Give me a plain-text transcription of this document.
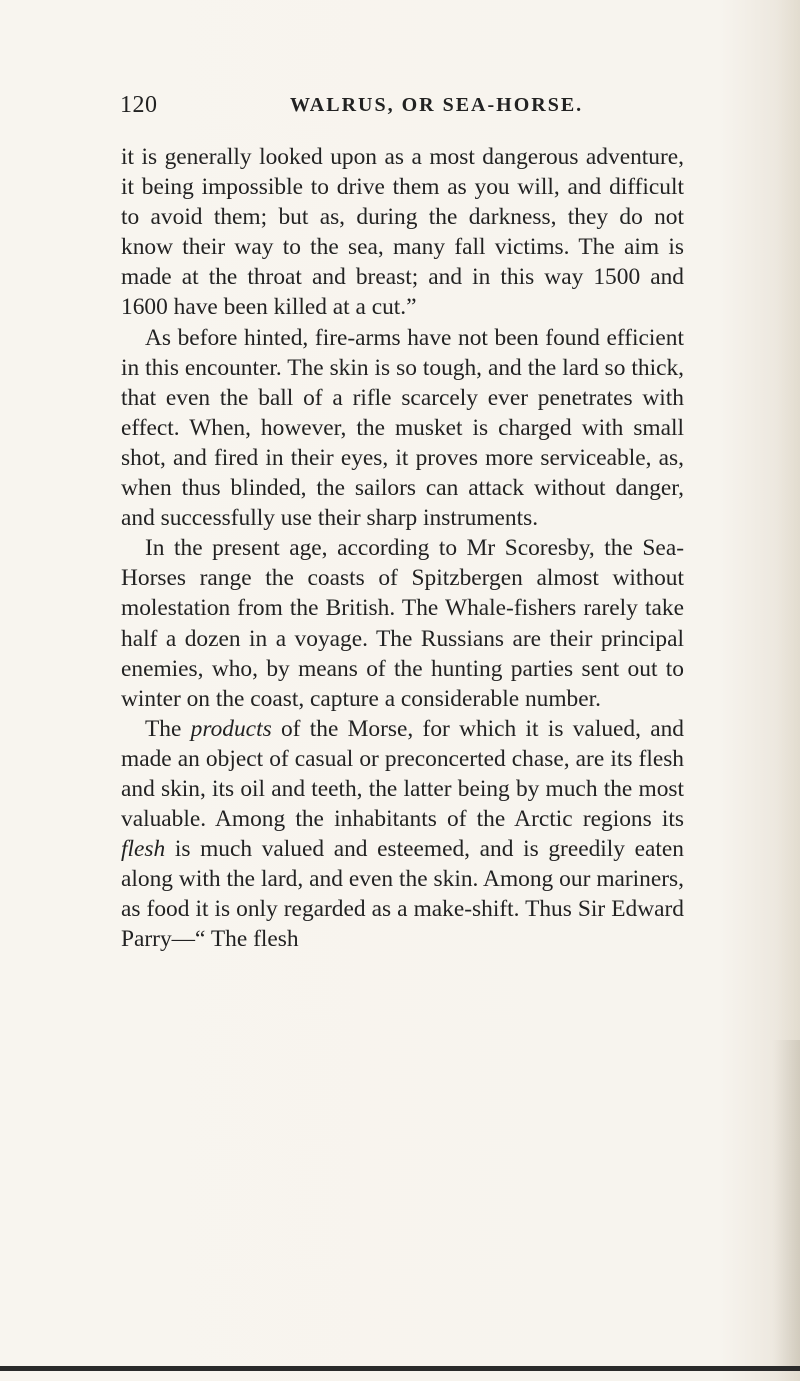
120	WALRUS, OR SEA-HORSE.

it is generally looked upon as a most dangerous adventure, it being impossible to drive them as you will, and difficult to avoid them; but as, during the darkness, they do not know their way to the sea, many fall victims. The aim is made at the throat and breast; and in this way 1500 and 1600 have been killed at a cut.”

As before hinted, fire-arms have not been found efficient in this encounter. The skin is so tough, and the lard so thick, that even the ball of a rifle scarcely ever penetrates with effect. When, however, the musket is charged with small shot, and fired in their eyes, it proves more serviceable, as, when thus blinded, the sailors can attack without danger, and successfully use their sharp instruments.

In the present age, according to Mr Scoresby, the Sea-Horses range the coasts of Spitzbergen almost without molestation from the British. The Whale-fishers rarely take half a dozen in a voyage. The Russians are their principal enemies, who, by means of the hunting parties sent out to winter on the coast, capture a considerable number.

The products of the Morse, for which it is valued, and made an object of casual or preconcerted chase, are its flesh and skin, its oil and teeth, the latter being by much the most valuable. Among the inhabitants of the Arctic regions its flesh is much valued and esteemed, and is greedily eaten along with the lard, and even the skin. Among our mariners, as food it is only regarded as a make-shift. Thus Sir Edward Parry—“ The flesh
